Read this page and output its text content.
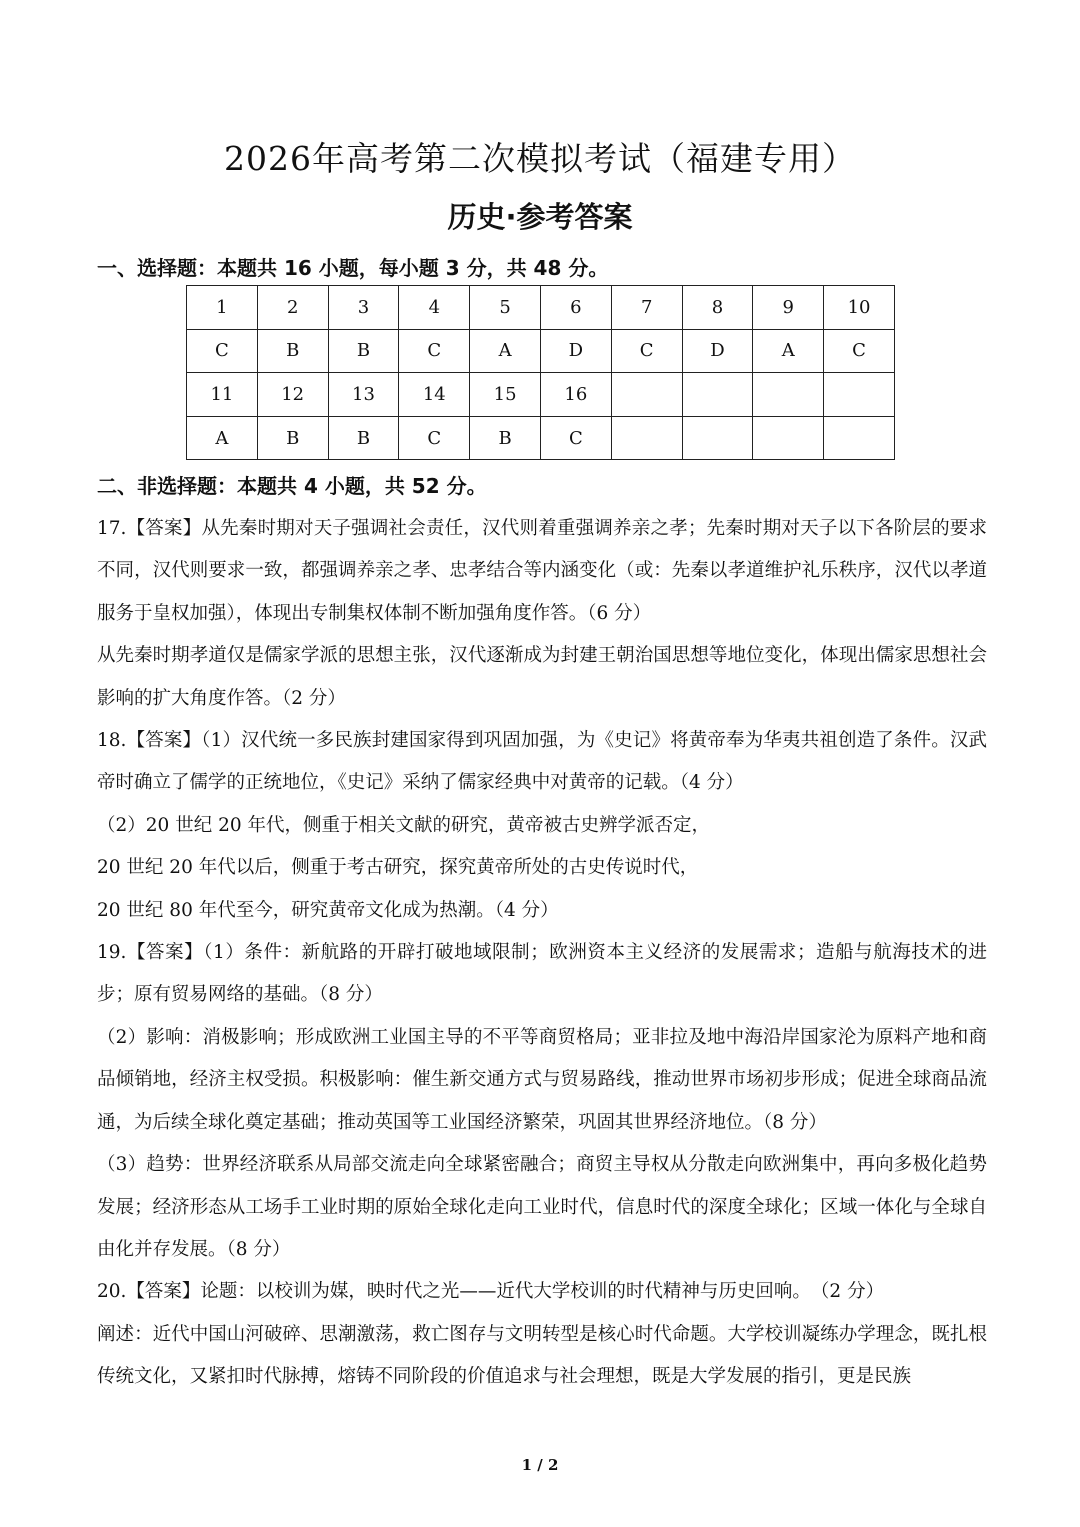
2026年高考第二次模拟考试（福建专用）
历史·参考答案
一、选择题：本题共 16 小题，每小题 3 分，共 48 分。
1	2	3	4	5	6	7	8	9	10
C	B	B	C	A	D	C	D	A	C
11	12	13	14	15	16				
A	B	B	C	B	C				
二、非选择题：本题共 4 小题，共 52 分。

17.【答案】从先秦时期对天子强调社会责任，汉代则着重强调养亲之孝；先秦时期对天子以下各阶层的要求不同，汉代则要求一致，都强调养亲之孝、忠孝结合等内涵变化（或：先秦以孝道维护礼乐秩序，汉代以孝道服务于皇权加强），体现出专制集权体制不断加强角度作答。（6 分）

从先秦时期孝道仅是儒家学派的思想主张，汉代逐渐成为封建王朝治国思想等地位变化，体现出儒家思想社会影响的扩大角度作答。（2 分）

18.【答案】（1）汉代统一多民族封建国家得到巩固加强，为《史记》将黄帝奉为华夷共祖创造了条件。汉武帝时确立了儒学的正统地位，《史记》采纳了儒家经典中对黄帝的记载。（4 分）

（2）20 世纪 20 年代，侧重于相关文献的研究，黄帝被古史辨学派否定，

20 世纪 20 年代以后，侧重于考古研究，探究黄帝所处的古史传说时代，

20 世纪 80 年代至今，研究黄帝文化成为热潮。（4 分）

19.【答案】（1）条件：新航路的开辟打破地域限制；欧洲资本主义经济的发展需求；造船与航海技术的进步；原有贸易网络的基础。（8 分）

（2）影响：消极影响；形成欧洲工业国主导的不平等商贸格局；亚非拉及地中海沿岸国家沦为原料产地和商品倾销地，经济主权受损。积极影响：催生新交通方式与贸易路线，推动世界市场初步形成；促进全球商品流通，为后续全球化奠定基础；推动英国等工业国经济繁荣，巩固其世界经济地位。（8 分）

（3）趋势：世界经济联系从局部交流走向全球紧密融合；商贸主导权从分散走向欧洲集中，再向多极化趋势发展；经济形态从工场手工业时期的原始全球化走向工业时代，信息时代的深度全球化；区域一体化与全球自由化并存发展。（8 分）

20.【答案】论题：以校训为媒，映时代之光——近代大学校训的时代精神与历史回响。　（2 分）

阐述：近代中国山河破碎、思潮激荡，救亡图存与文明转型是核心时代命题。大学校训凝练办学理念，既扎根传统文化，又紧扣时代脉搏，熔铸不同阶段的价值追求与社会理想，既是大学发展的指引，更是民族

1 / 2
